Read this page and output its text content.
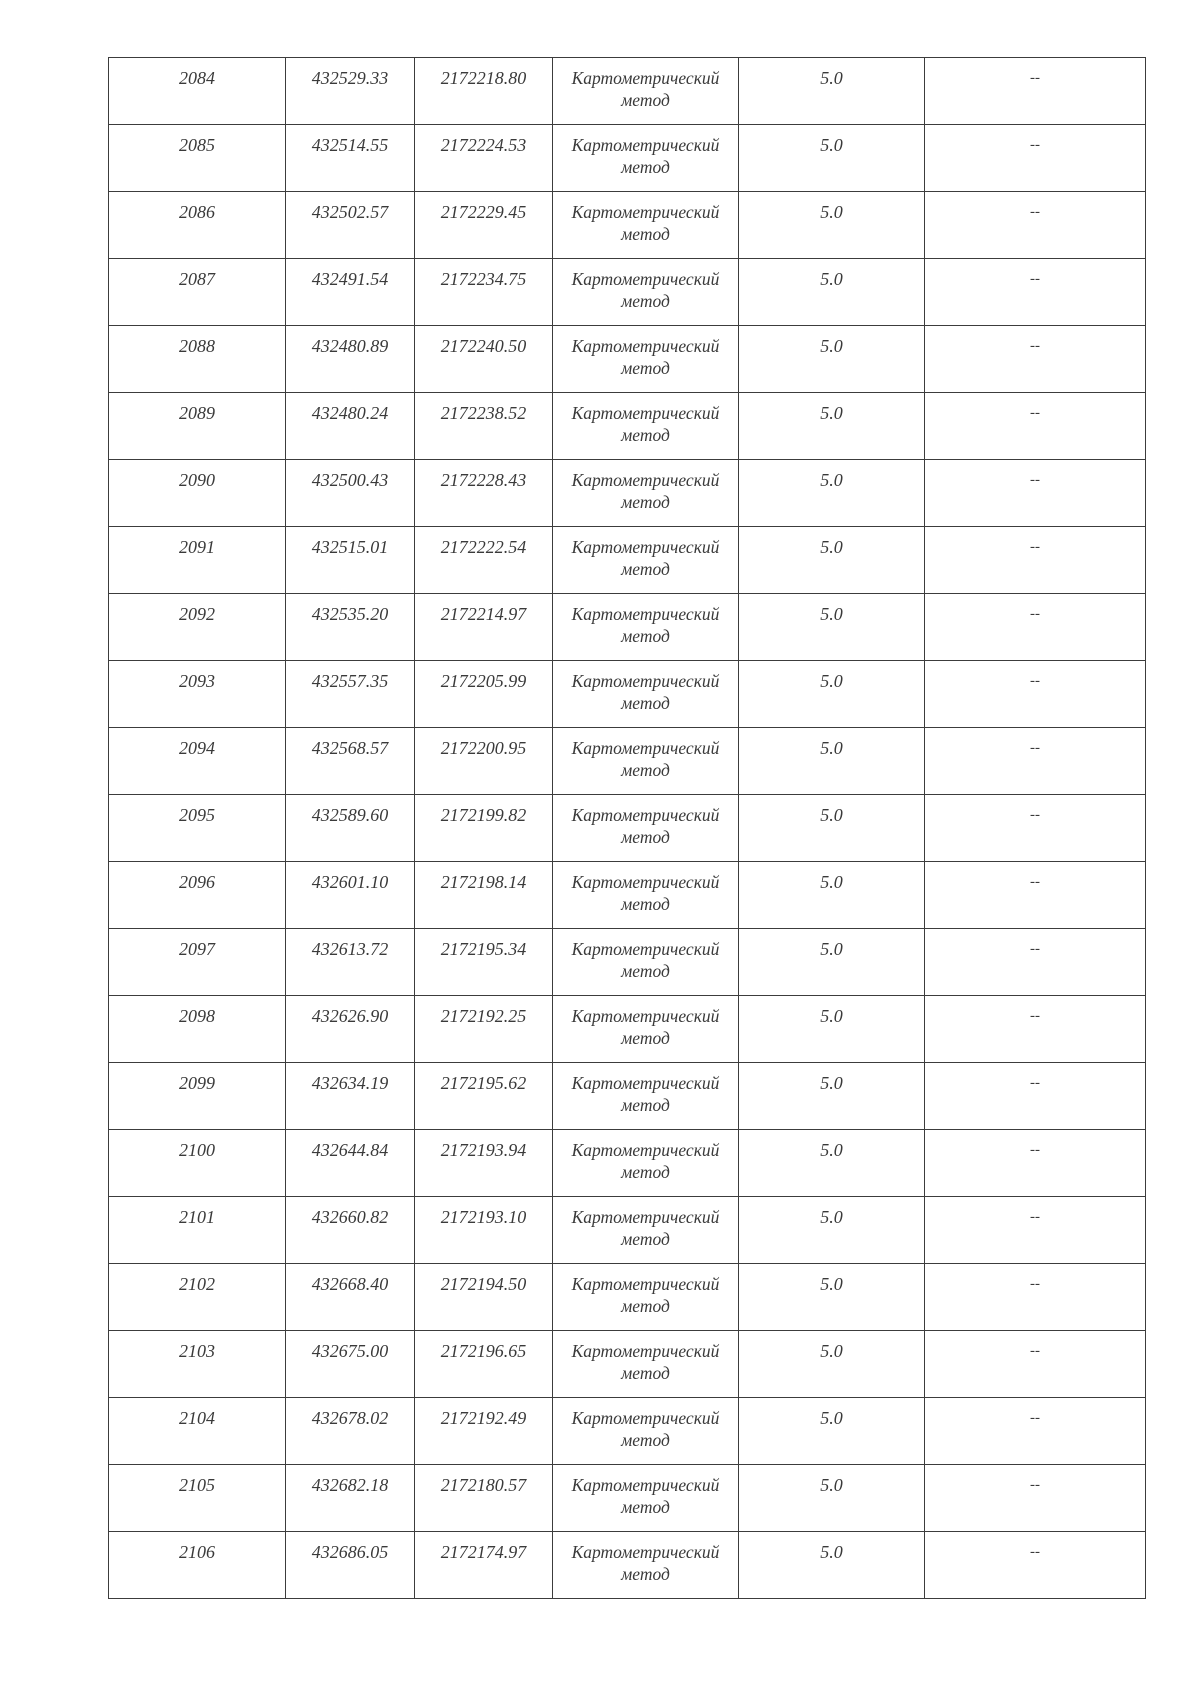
2084	432529.33	2172218.80	Картометрический метод	5.0	--
2085	432514.55	2172224.53	Картометрический метод	5.0	--
2086	432502.57	2172229.45	Картометрический метод	5.0	--
2087	432491.54	2172234.75	Картометрический метод	5.0	--
2088	432480.89	2172240.50	Картометрический метод	5.0	--
2089	432480.24	2172238.52	Картометрический метод	5.0	--
2090	432500.43	2172228.43	Картометрический метод	5.0	--
2091	432515.01	2172222.54	Картометрический метод	5.0	--
2092	432535.20	2172214.97	Картометрический метод	5.0	--
2093	432557.35	2172205.99	Картометрический метод	5.0	--
2094	432568.57	2172200.95	Картометрический метод	5.0	--
2095	432589.60	2172199.82	Картометрический метод	5.0	--
2096	432601.10	2172198.14	Картометрический метод	5.0	--
2097	432613.72	2172195.34	Картометрический метод	5.0	--
2098	432626.90	2172192.25	Картометрический метод	5.0	--
2099	432634.19	2172195.62	Картометрический метод	5.0	--
2100	432644.84	2172193.94	Картометрический метод	5.0	--
2101	432660.82	2172193.10	Картометрический метод	5.0	--
2102	432668.40	2172194.50	Картометрический метод	5.0	--
2103	432675.00	2172196.65	Картометрический метод	5.0	--
2104	432678.02	2172192.49	Картометрический метод	5.0	--
2105	432682.18	2172180.57	Картометрический метод	5.0	--
2106	432686.05	2172174.97	Картометрический метод	5.0	--
